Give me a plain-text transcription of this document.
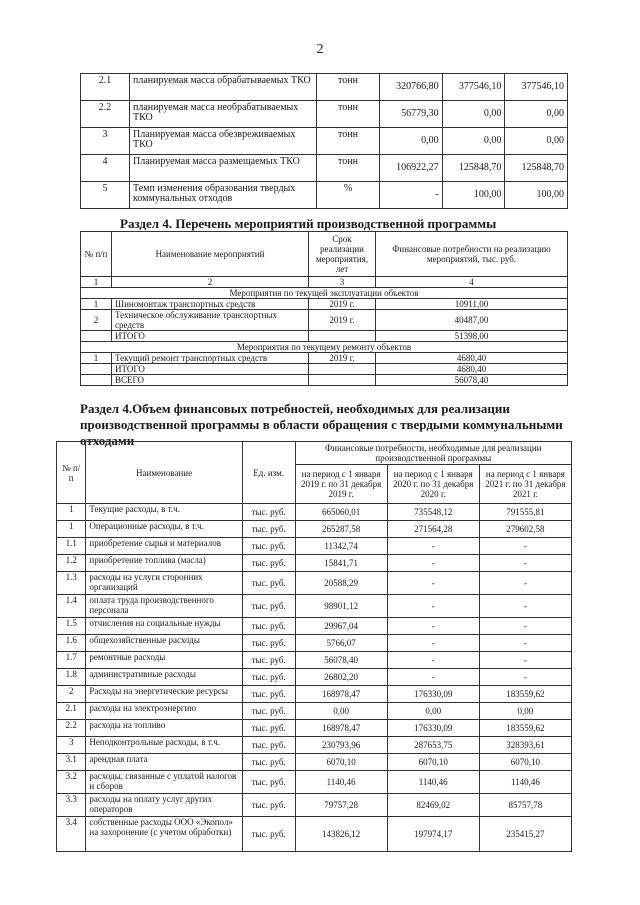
2
2.1	планируемая масса обрабатываемых ТКО	тонн	320766,80	377546,10	377546,10
2.2	планируемая масса необрабатываемых ТКО	тонн	56779,30	0,00	0,00
3	Планируемая масса обезвреживаемых ТКО	тонн	0,00	0,00	0,00
4	Планируемая масса размещаемых ТКО	тонн	106922,27	125848,70	125848,70
5	Темп изменения образования твердых коммунальных отходов	%	-	100,00	100,00
Раздел 4. Перечень мероприятий производственной программы
№ п/п	Наименование мероприятий	Срок реализации мероприятия, лет	Финансовые потребности на реализацию мероприятий, тыс. руб.
1	2	3	4
Мероприятия по текущей эксплуатации объектов			
1	Шиномонтаж транспортных средств	2019 г.	10911,00
2	Техническое обслуживание транспортных средств	2019 г.	40487,00
	ИТОГО		51398,00
Мероприятия по текущему ремонту объектов			
1	Текущий ремонт транспортных средств	2019 г.	4680,40
	ИТОГО		4680,40
	ВСЕГО		56078,40
Раздел 4.Объем финансовых потребностей, необходимых для реализации
производственной программы в области обращения с твердыми коммунальными
отходами
№ п/п	Наименование	Ед. изм.	Финансовые потребности, необходимые для реализации производственной программы		
			на период с 1 января 2019 г. по 31 декабря 2019 г.	на период с 1 января 2020 г. по 31 декабря 2020 г.	на период с 1 января 2021 г. по 31 декабря 2021 г.
1	Текущие расходы, в т.ч.	тыс. руб.	665060,01	735548,12	791555,81
1	Операционные расходы, в т.ч.	тыс. руб.	265287,58	271564,28	279602,58
1.1	приобретение сырья и материалов	тыс. руб.	11342,74	-	-
1.2	приобретение топлива (масла)	тыс. руб.	15841,71	-	-
1.3	расходы на услуги сторонних организаций	тыс. руб.	20588,29	-	-
1.4	оплата труда производственного персонала	тыс. руб.	98901,12	-	-
1.5	отчисления на социальные нужды	тыс. руб.	29967,04	-	-
1.6	общехозяйственные расходы	тыс. руб.	5766,07	-	-
1.7	ремонтные расходы	тыс. руб.	56078,40	-	-
1.8	административные расходы	тыс. руб.	26802,20	-	-
2	Расходы на энергетические ресурсы	тыс. руб.	168978,47	176330,09	183559,62
2.1	расходы на электроэнергию	тыс. руб.	0,00	0,00	0,00
2.2	расходы на топливо	тыс. руб.	168978,47	176330,09	183559,62
3	Неподконтрольные расходы, в т.ч.	тыс. руб.	230793,96	287653,75	328393,61
3.1	арендная плата	тыс. руб.	6070,10	6070,10	6070,10
3.2	расходы, связанные с уплатой налогов и сборов	тыс. руб.	1140,46	1140,46	1140,46
3.3	расходы на оплату услуг других операторов	тыс. руб.	79757,28	82469,02	85757,78
3.4	собственные расходы ООО «Экопол» на захоронение (с учетом обработки)	тыс. руб.	143826,12	197974,17	235415,27
